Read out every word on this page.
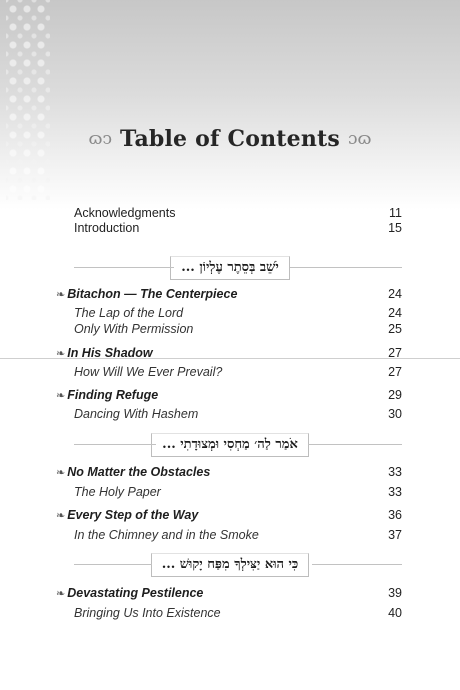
ɷ‍ↄ Table of Contents ɔ‍ɷ
Acknowledgments	11
Introduction	15
יֹשֵׁב בְּסֵתֶר עֶלְיוֹן ...
❧ Bitachon — The Centerpiece	24
The Lap of the Lord	24
Only With Permission	25
❧ In His Shadow	27
How Will We Ever Prevail?	27
❧ Finding Refuge	29
Dancing With Hashem	30
אֹמַר לַה׳ מַחְסִי וּמְצוּדָתִי ...
❧ No Matter the Obstacles	33
The Holy Paper	33
❧ Every Step of the Way	36
In the Chimney and in the Smoke	37
כִּי הוּא יַצִּילְךָ מִפַּח יָקוּשׁ ...
❧ Devastating Pestilence	39
Bringing Us Into Existence	40
